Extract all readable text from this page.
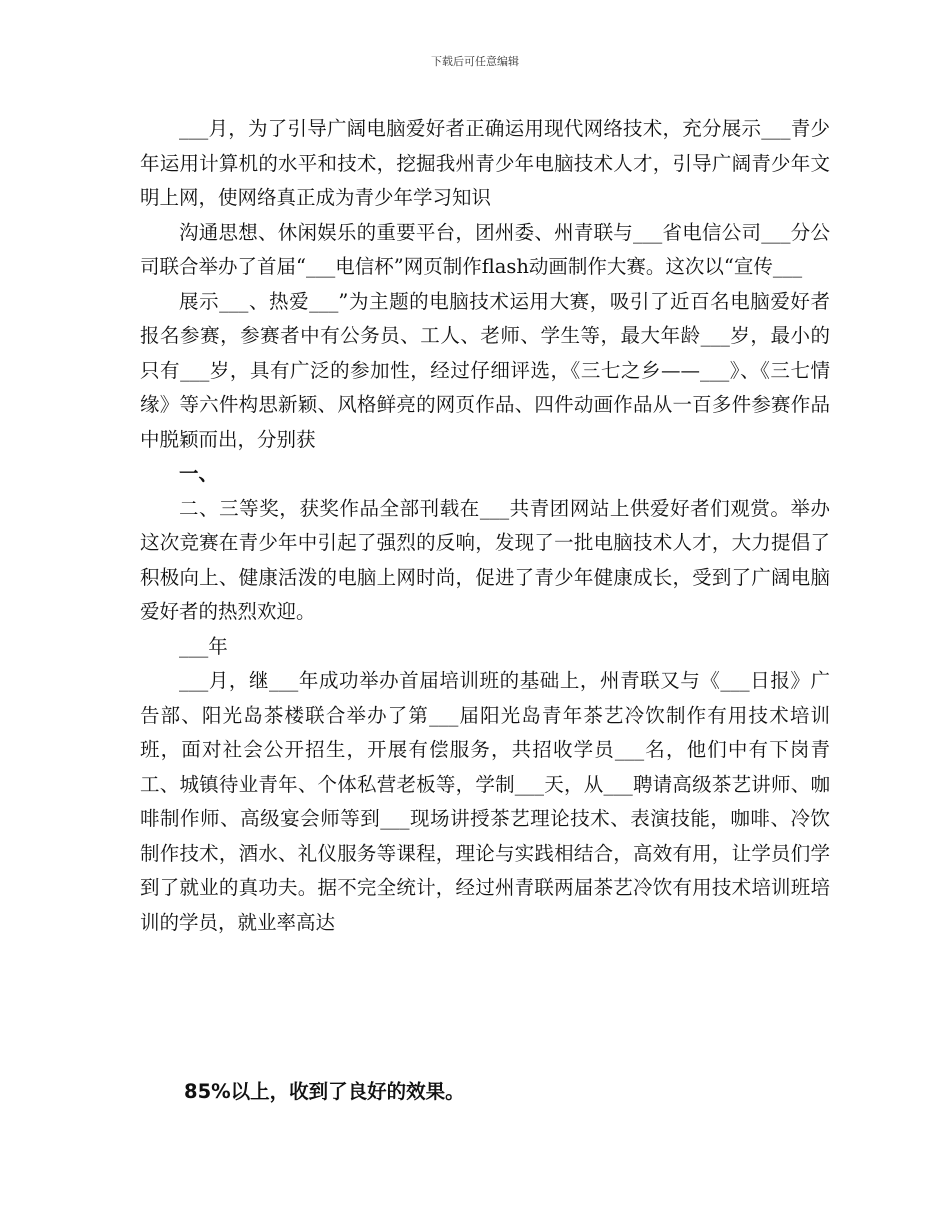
下载后可任意编辑

___月，为了引导广阔电脑爱好者正确运用现代网络技术，充分展示___青少年运用计算机的水平和技术，挖掘我州青少年电脑技术人才，引导广阔青少年文明上网，使网络真正成为青少年学习知识

沟通思想、休闲娱乐的重要平台，团州委、州青联与___省电信公司___分公司联合举办了首届“___电信杯”网页制作flash动画制作大赛。这次以“宣传___

展示___、热爱___”为主题的电脑技术运用大赛，吸引了近百名电脑爱好者报名参赛，参赛者中有公务员、工人、老师、学生等，最大年龄___岁，最小的只有___岁，具有广泛的参加性，经过仔细评选，《三七之乡——___》、《三七情缘》等六件构思新颖、风格鲜亮的网页作品、四件动画作品从一百多件参赛作品中脱颖而出，分别获

一、

二、三等奖，获奖作品全部刊载在___共青团网站上供爱好者们观赏。举办这次竞赛在青少年中引起了强烈的反响，发现了一批电脑技术人才，大力提倡了积极向上、健康活泼的电脑上网时尚，促进了青少年健康成长，受到了广阔电脑爱好者的热烈欢迎。

___年

___月，继___年成功举办首届培训班的基础上，州青联又与《___日报》广告部、阳光岛茶楼联合举办了第___届阳光岛青年茶艺冷饮制作有用技术培训班，面对社会公开招生，开展有偿服务，共招收学员___名，他们中有下岗青工、城镇待业青年、个体私营老板等，学制___天，从___聘请高级茶艺讲师、咖啡制作师、高级宴会师等到___现场讲授茶艺理论技术、表演技能，咖啡、冷饮制作技术，酒水、礼仪服务等课程，理论与实践相结合，高效有用，让学员们学到了就业的真功夫。据不完全统计，经过州青联两届茶艺冷饮有用技术培训班培训的学员，就业率高达

85%以上，收到了良好的效果。
